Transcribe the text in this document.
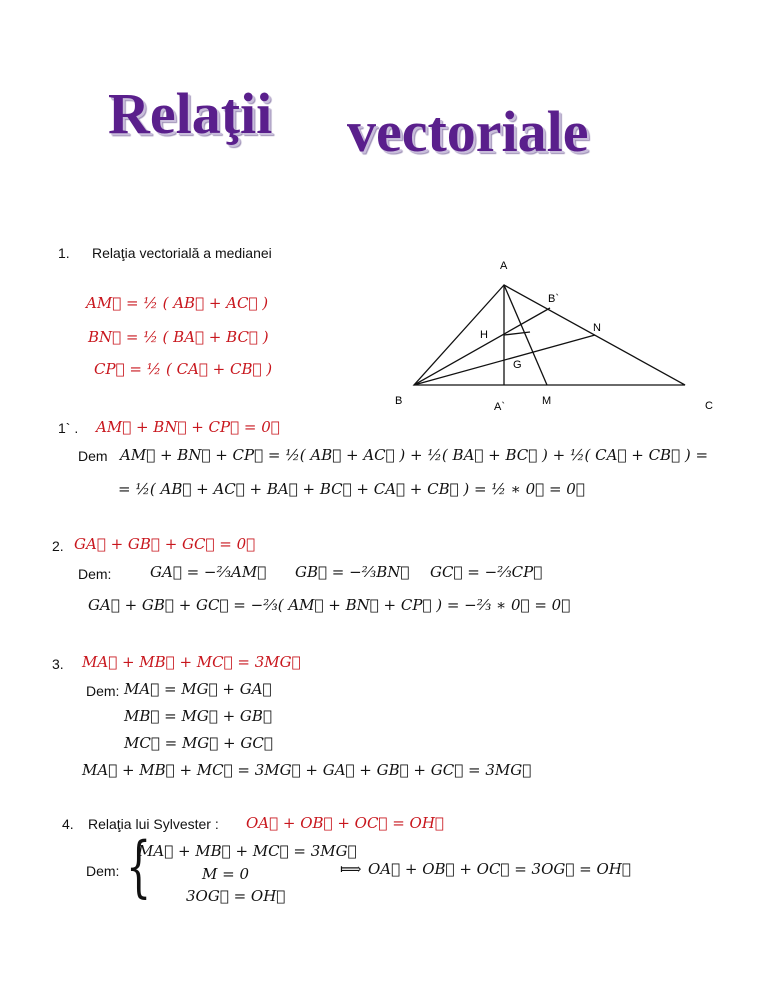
Relaţii vectoriale
1. Relaţia vectorială a medianei
AM⃗ = ½ ( AB⃗ + AC⃗ )
BN⃗ = ½ ( BA⃗ + BC⃗ )
CP⃗ = ½ ( CA⃗ + CB⃗ )
A
B	C
B`
N
H
G
A`	M
1` . AM⃗ + BN⃗ + CP⃗ = 0⃗
Dem AM⃗ + BN⃗ + CP⃗ = ½( AB⃗ + AC⃗ ) + ½( BA⃗ + BC⃗ ) + ½( CA⃗ + CB⃗ ) =
= ½( AB⃗ + AC⃗ + BA⃗ + BC⃗ + CA⃗ + CB⃗ ) = ½ ∗ 0⃗ = 0⃗
2. GA⃗ + GB⃗ + GC⃗ = 0⃗
Dem:	GA⃗ = −⅔AM⃗ GB⃗ = −⅔BN⃗ GC⃗ = −⅔CP⃗
GA⃗ + GB⃗ + GC⃗ = −⅔( AM⃗ + BN⃗ + CP⃗ ) = −⅔ ∗ 0⃗ = 0⃗
3. MA⃗ + MB⃗ + MC⃗ = 3MG⃗
Dem: MA⃗ = MG⃗ + GA⃗
MB⃗ = MG⃗ + GB⃗
MC⃗ = MG⃗ + GC⃗
MA⃗ + MB⃗ + MC⃗ = 3MG⃗ + GA⃗ + GB⃗ + GC⃗ = 3MG⃗
4. Relaţia lui Sylvester : OA⃗ + OB⃗ + OC⃗ = OH⃗
Dem: {
MA⃗ + MB⃗ + MC⃗ = 3MG⃗
M = 0
3OG⃗ = OH⃗
⟾ OA⃗ + OB⃗ + OC⃗ = 3OG⃗ = OH⃗
